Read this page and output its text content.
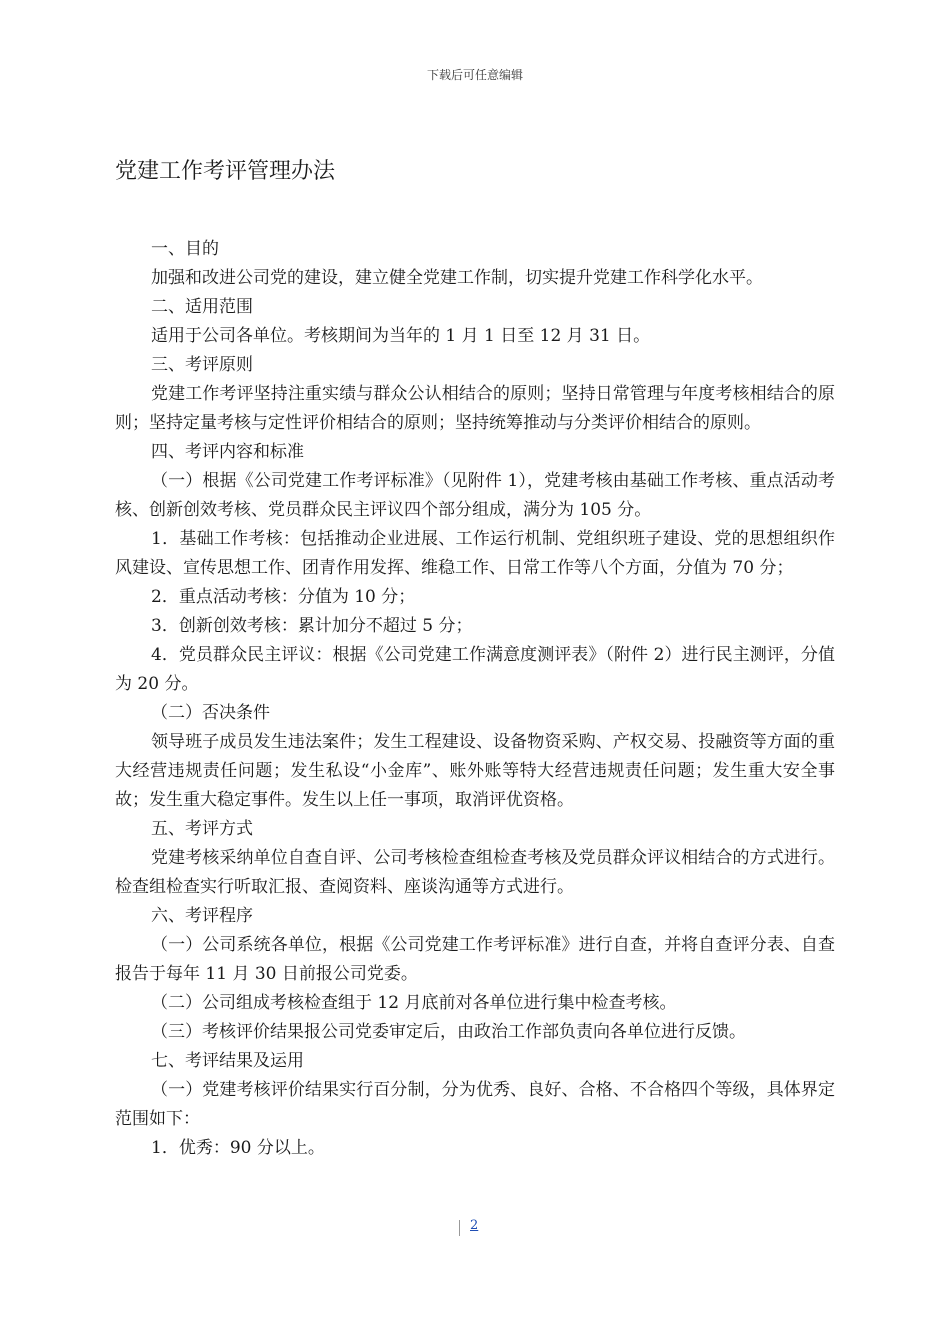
下载后可任意编辑
党建工作考评管理办法

一、目的

加强和改进公司党的建设，建立健全党建工作制，切实提升党建工作科学化水平。

二、适用范围

适用于公司各单位。考核期间为当年的 1 月 1 日至 12 月 31 日。

三、考评原则

党建工作考评坚持注重实绩与群众公认相结合的原则；坚持日常管理与年度考核相结合的原则；坚持定量考核与定性评价相结合的原则；坚持统筹推动与分类评价相结合的原则。

四、考评内容和标准

（一）根据《公司党建工作考评标准》（见附件 1），党建考核由基础工作考核、重点活动考核、创新创效考核、党员群众民主评议四个部分组成，满分为 105 分。

1．基础工作考核：包括推动企业进展、工作运行机制、党组织班子建设、党的思想组织作风建设、宣传思想工作、团青作用发挥、维稳工作、日常工作等八个方面，分值为 70 分；

2．重点活动考核：分值为 10 分；

3．创新创效考核：累计加分不超过 5 分；

4．党员群众民主评议：根据《公司党建工作满意度测评表》（附件 2）进行民主测评，分值为 20 分。

（二）否决条件

领导班子成员发生违法案件；发生工程建设、设备物资采购、产权交易、投融资等方面的重大经营违规责任问题；发生私设“小金库”、账外账等特大经营违规责任问题；发生重大安全事故；发生重大稳定事件。发生以上任一事项，取消评优资格。

五、考评方式

党建考核采纳单位自查自评、公司考核检查组检查考核及党员群众评议相结合的方式进行。检查组检查实行听取汇报、查阅资料、座谈沟通等方式进行。

六、考评程序

（一）公司系统各单位，根据《公司党建工作考评标准》进行自查，并将自查评分表、自查报告于每年 11 月 30 日前报公司党委。

（二）公司组成考核检查组于 12 月底前对各单位进行集中检查考核。

（三）考核评价结果报公司党委审定后，由政治工作部负责向各单位进行反馈。

七、考评结果及运用

（一）党建考核评价结果实行百分制，分为优秀、良好、合格、不合格四个等级，具体界定范围如下：

1．优秀：90 分以上。

2
